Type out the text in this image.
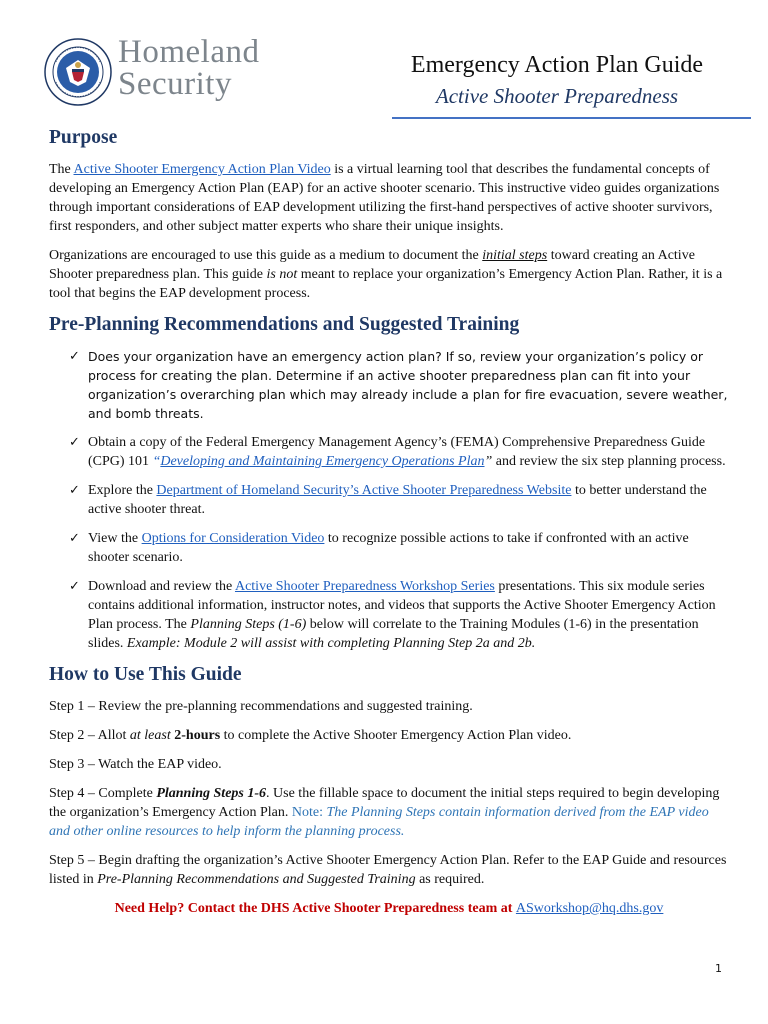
Homeland
Security
Emergency Action Plan Guide
Active Shooter Preparedness
Purpose

The Active Shooter Emergency Action Plan Video is a virtual learning tool that describes the fundamental concepts of developing an Emergency Action Plan (EAP) for an active shooter scenario. This instructive video guides organizations through important considerations of EAP development utilizing the first-hand perspectives of active shooter survivors, first responders, and other subject matter experts who share their unique insights.

Organizations are encouraged to use this guide as a medium to document the initial steps toward creating an Active Shooter preparedness plan. This guide is not meant to replace your organization’s Emergency Action Plan. Rather, it is a tool that begins the EAP development process.

Pre-Planning Recommendations and Suggested Training
✓ Does your organization have an emergency action plan? If so, review your organization’s policy or process for creating the plan. Determine if an active shooter preparedness plan can fit into your organization’s overarching plan which may already include a plan for fire evacuation, severe weather, and bomb threats.
✓ Obtain a copy of the Federal Emergency Management Agency’s (FEMA) Comprehensive Preparedness Guide (CPG) 101 “Developing and Maintaining Emergency Operations Plan” and review the six step planning process.
✓ Explore the Department of Homeland Security’s Active Shooter Preparedness Website to better understand the active shooter threat.
✓ View the Options for Consideration Video to recognize possible actions to take if confronted with an active shooter scenario.
✓ Download and review the Active Shooter Preparedness Workshop Series presentations. This six module series contains additional information, instructor notes, and videos that supports the Active Shooter Emergency Action Plan process. The Planning Steps (1-6) below will correlate to the Training Modules (1-6) in the presentation slides. Example: Module 2 will assist with completing Planning Step 2a and 2b.
How to Use This Guide

Step 1 – Review the pre-planning recommendations and suggested training.

Step 2 – Allot at least 2-hours to complete the Active Shooter Emergency Action Plan video.

Step 3 – Watch the EAP video.

Step 4 – Complete Planning Steps 1-6. Use the fillable space to document the initial steps required to begin developing the organization’s Emergency Action Plan. Note: The Planning Steps contain information derived from the EAP video and other online resources to help inform the planning process.

Step 5 – Begin drafting the organization’s Active Shooter Emergency Action Plan. Refer to the EAP Guide and resources listed in Pre-Planning Recommendations and Suggested Training as required.

Need Help? Contact the DHS Active Shooter Preparedness team at ASworkshop@hq.dhs.gov
1
